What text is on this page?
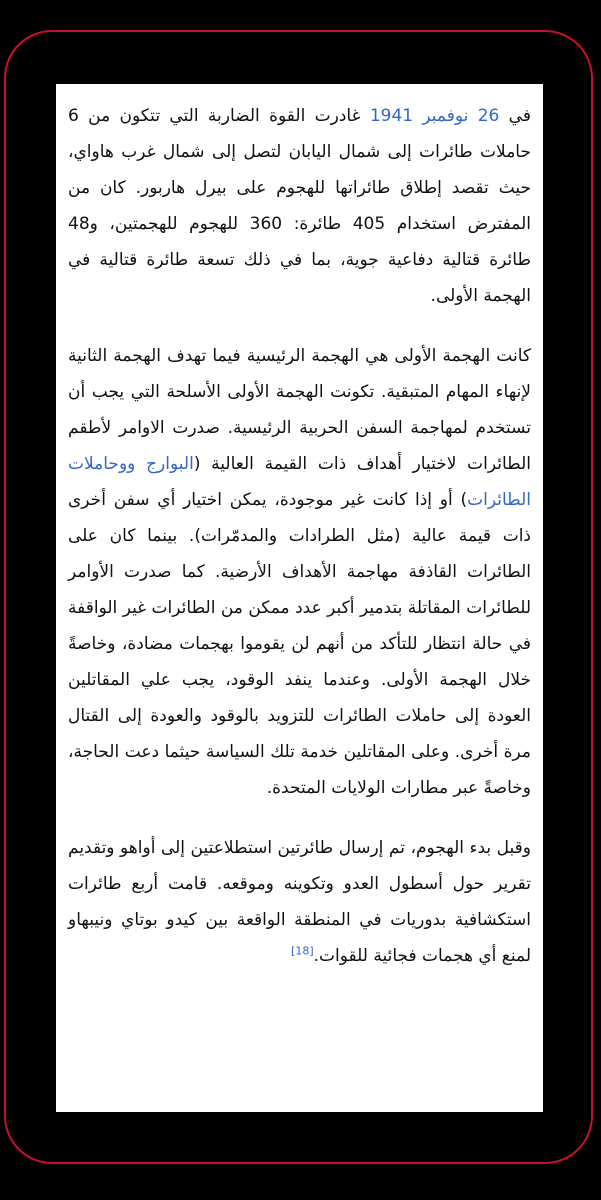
في 26 نوفمبر 1941 غادرت القوة الضاربة التي تتكون من 6 حاملات طائرات إلى شمال اليابان لتصل إلى شمال غرب هاواي، حيث تقصد إطلاق طائراتها للهجوم على بيرل هاربور. كان من المفترض استخدام 405 طائرة: 360 للهجوم للهجمتين، و48 طائرة قتالية دفاعية جوية، بما في ذلك تسعة طائرة قتالية في الهجمة الأولى.

كانت الهجمة الأولى هي الهجمة الرئيسية فيما تهدف الهجمة الثانية لإنهاء المهام المتبقية. تكونت الهجمة الأولى الأسلحة التي يجب أن تستخدم لمهاجمة السفن الحربية الرئيسية. صدرت الاوامر لأطقم الطائرات لاختيار أهداف ذات القيمة العالية (البوارج ووحاملات الطائرات) أو إذا كانت غير موجودة، يمكن اختيار أي سفن أخرى ذات قيمة عالية (مثل الطرادات والمدمّرات). بينما كان على الطائرات القاذفة مهاجمة الأهداف الأرضية. كما صدرت الأوامر للطائرات المقاتلة بتدمير أكبر عدد ممكن من الطائرات غير الواقفة في حالة انتظار للتأكد من أنهم لن يقوموا بهجمات مضادة، وخاصةً خلال الهجمة الأولى. وعندما ينفد الوقود، يجب علي المقاتلين العودة إلى حاملات الطائرات للتزويد بالوقود والعودة إلى القتال مرة أخرى. وعلى المقاتلين خدمة تلك السياسة حيثما دعت الحاجة، وخاصةً عبر مطارات الولايات المتحدة.

وقبل بدء الهجوم، تم إرسال طائرتين استطلاعتين إلى أواهو وتقديم تقرير حول أسطول العدو وتكوينه وموقعه. قامت أربع طائرات استكشافية بدوريات في المنطقة الواقعة بين كيدو بوتاي ونيبهاو لمنع أي هجمات فجائية للقوات.[18]
